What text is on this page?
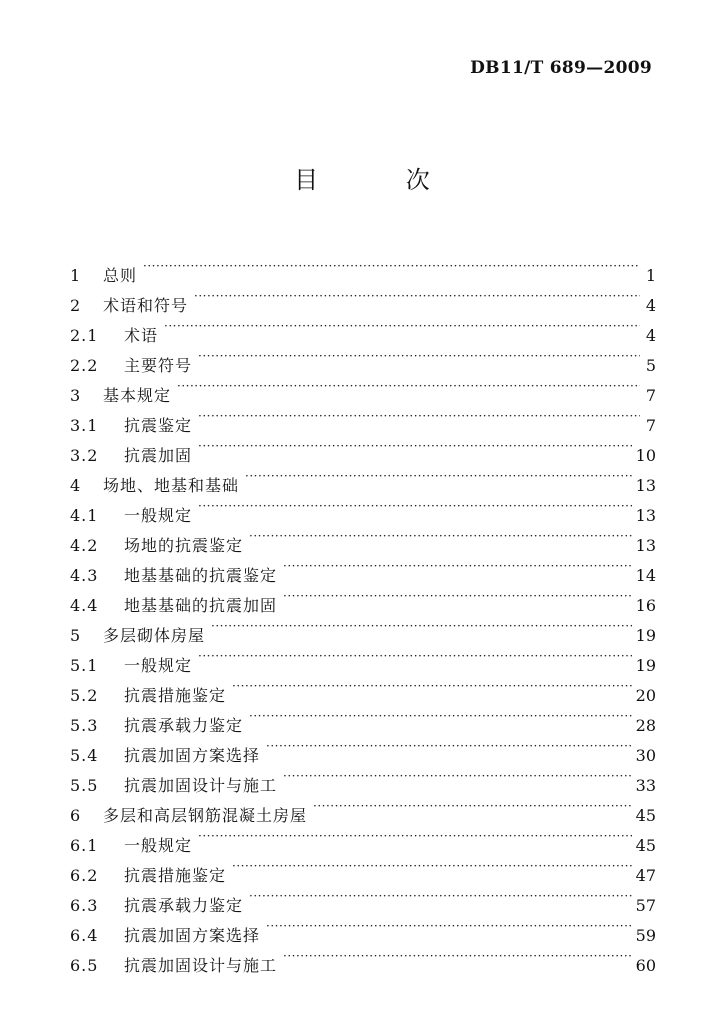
DB11/T 689—2009
目 次
1	总则 ·····	1
2	术语和符号 ·····	4
2.1	术语 ·····	4
2.2	主要符号 ·····	5
3	基本规定 ·····	7
3.1	抗震鉴定 ·····	7
3.2	抗震加固 ·····	10
4	场地、地基和基础 ·····	13
4.1	一般规定 ·····	13
4.2	场地的抗震鉴定 ·····	13
4.3	地基基础的抗震鉴定 ·····	14
4.4	地基基础的抗震加固 ·····	16
5	多层砌体房屋 ·····	19
5.1	一般规定 ·····	19
5.2	抗震措施鉴定 ·····	20
5.3	抗震承载力鉴定 ·····	28
5.4	抗震加固方案选择 ·····	30
5.5	抗震加固设计与施工 ·····	33
6	多层和高层钢筋混凝土房屋 ·····	45
6.1	一般规定 ·····	45
6.2	抗震措施鉴定 ·····	47
6.3	抗震承载力鉴定 ·····	57
6.4	抗震加固方案选择 ·····	59
6.5	抗震加固设计与施工 ·····	60
